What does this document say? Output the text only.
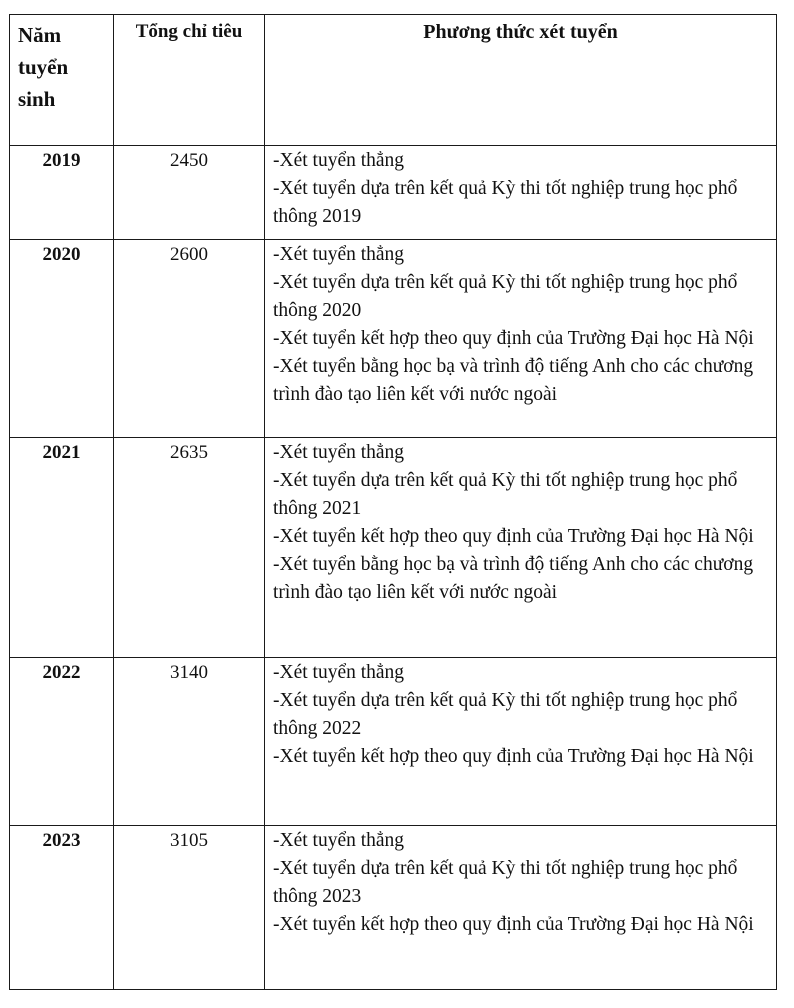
Năm
tuyển
sinh	Tổng chỉ tiêu	Phương thức xét tuyển
2019	2450	-Xét tuyển thẳng
-Xét tuyển dựa trên kết quả Kỳ thi tốt nghiệp trung học phổ thông 2019

2020	2600	-Xét tuyển thẳng
-Xét tuyển dựa trên kết quả Kỳ thi tốt nghiệp trung học phổ thông 2020
-Xét tuyển kết hợp theo quy định của Trường Đại học Hà Nội
-Xét tuyển bằng học bạ và trình độ tiếng Anh cho các chương trình đào tạo liên kết với nước ngoài

2021	2635	-Xét tuyển thẳng
-Xét tuyển dựa trên kết quả Kỳ thi tốt nghiệp trung học phổ thông 2021
-Xét tuyển kết hợp theo quy định của Trường Đại học Hà Nội
-Xét tuyển bằng học bạ và trình độ tiếng Anh cho các chương trình đào tạo liên kết với nước ngoài

2022	3140	-Xét tuyển thẳng
-Xét tuyển dựa trên kết quả Kỳ thi tốt nghiệp trung học phổ thông 2022
-Xét tuyển kết hợp theo quy định của Trường Đại học Hà Nội

2023	3105	-Xét tuyển thẳng
-Xét tuyển dựa trên kết quả Kỳ thi tốt nghiệp trung học phổ thông 2023
-Xét tuyển kết hợp theo quy định của Trường Đại học Hà Nội
